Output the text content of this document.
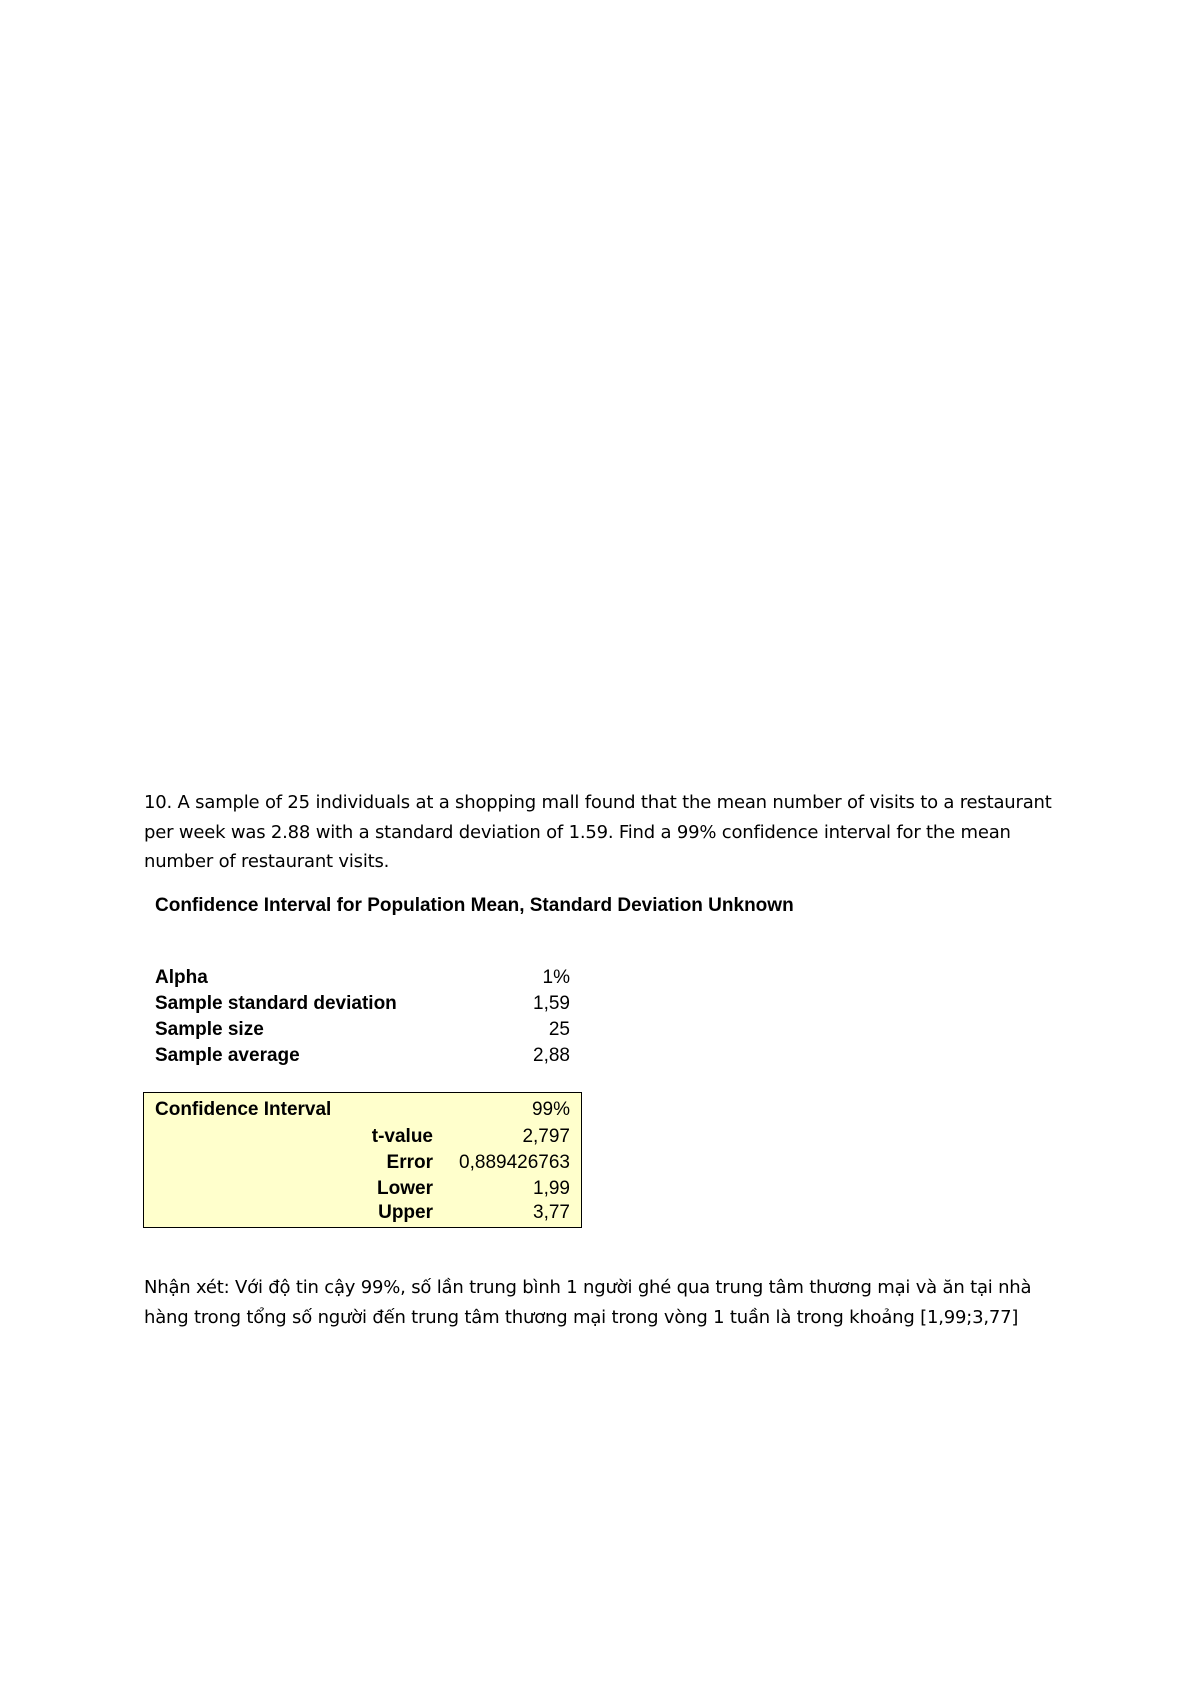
10. A sample of 25 individuals at a shopping mall found that the mean number of visits to a restaurant
per week was 2.88 with a standard deviation of 1.59. Find a 99% confidence interval for the mean
number of restaurant visits.
Confidence Interval for Population Mean, Standard Deviation Unknown
Alpha	1%
Sample standard deviation	1,59
Sample size	25
Sample average	2,88
Confidence Interval	99%
t-value	2,797
Error 0,889426763
Lower	1,99
Upper	3,77
Nhận xét: Với độ tin cậy 99%, số lần trung bình 1 người ghé qua trung tâm thương mại và ăn tại nhà
hàng trong tổng số người đến trung tâm thương mại trong vòng 1 tuần là trong khoảng [1,99;3,77]
